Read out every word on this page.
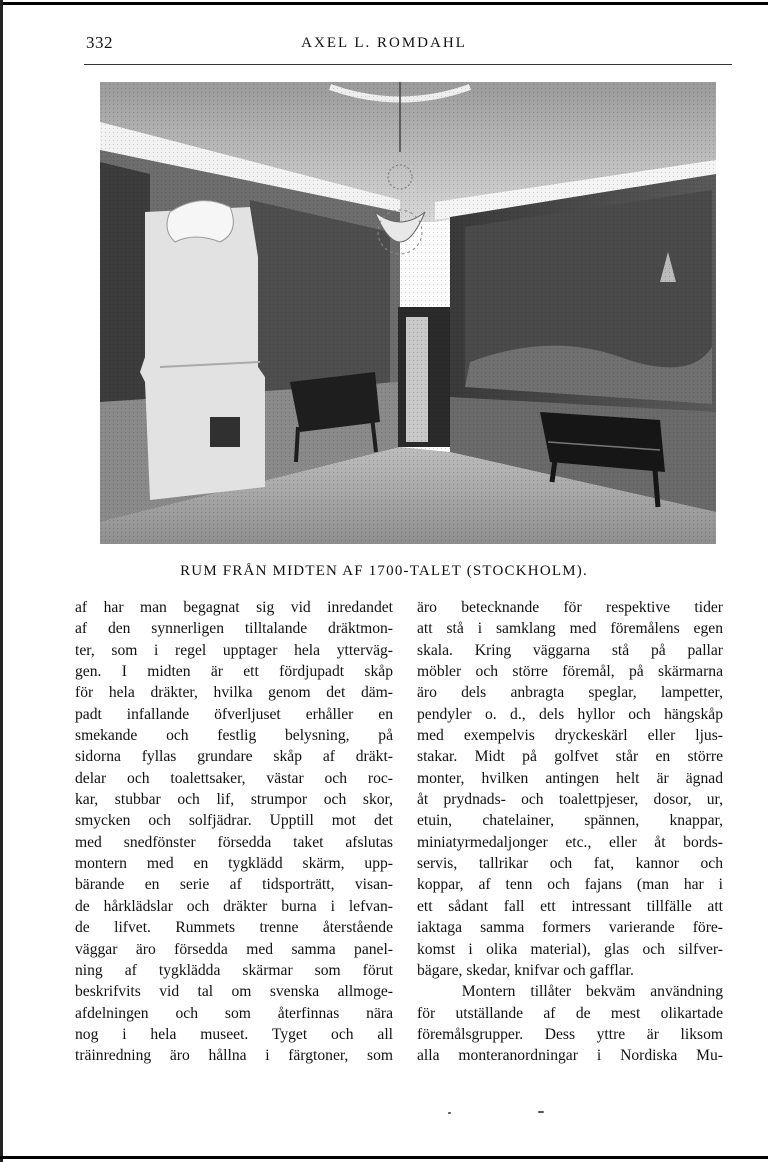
332	AXEL L. ROMDAHL
RUM FRÅN MIDTEN AF 1700-TALET (STOCKHOLM).

af har man begagnat sig vid inredandet

af den synnerligen tilltalande dräktmon-

ter, som i regel upptager hela ytterväg-

gen. I midten är ett fördjupadt skåp

för hela dräkter, hvilka genom det däm-

padt infallande öfverljuset erhåller en

smekande och festlig belysning, på

sidorna fyllas grundare skåp af dräkt-

delar och toalettsaker, västar och roc-

kar, stubbar och lif, strumpor och skor,

smycken och solfjädrar. Upptill mot det

med snedfönster försedda taket afslutas

montern med en tygklädd skärm, upp-

bärande en serie af tidsporträtt, visan-

de hårklädslar och dräkter burna i lefvan-

de lifvet. Rummets trenne återstående

väggar äro försedda med samma panel-

ning af tygklädda skärmar som förut

beskrifvits vid tal om svenska allmoge-

afdelningen och som återfinnas nära

nog i hela museet. Tyget och all

träinredning äro hållna i färgtoner, som

äro betecknande för respektive tider

att stå i samklang med föremålens egen

skala. Kring väggarna stå på pallar

möbler och större föremål, på skärmarna

äro dels anbragta speglar, lampetter,

pendyler o. d., dels hyllor och hängskåp

med exempelvis dryckeskärl eller ljus-

stakar. Midt på golfvet står en större

monter, hvilken antingen helt är ägnad

åt prydnads- och toalettpjeser, dosor, ur,

etuin, chatelainer, spännen, knappar,

miniatyrmedaljonger etc., eller åt bords-

servis, tallrikar och fat, kannor och

koppar, af tenn och fajans (man har i

ett sådant fall ett intressant tillfälle att

iaktaga samma formers varierande före-

komst i olika material), glas och silfver-

bägare, skedar, knifvar och gafflar.

Montern tillåter bekväm användning

för utställande af de mest olikartade

föremålsgrupper. Dess yttre är liksom

alla monteranordningar i Nordiska Mu-
